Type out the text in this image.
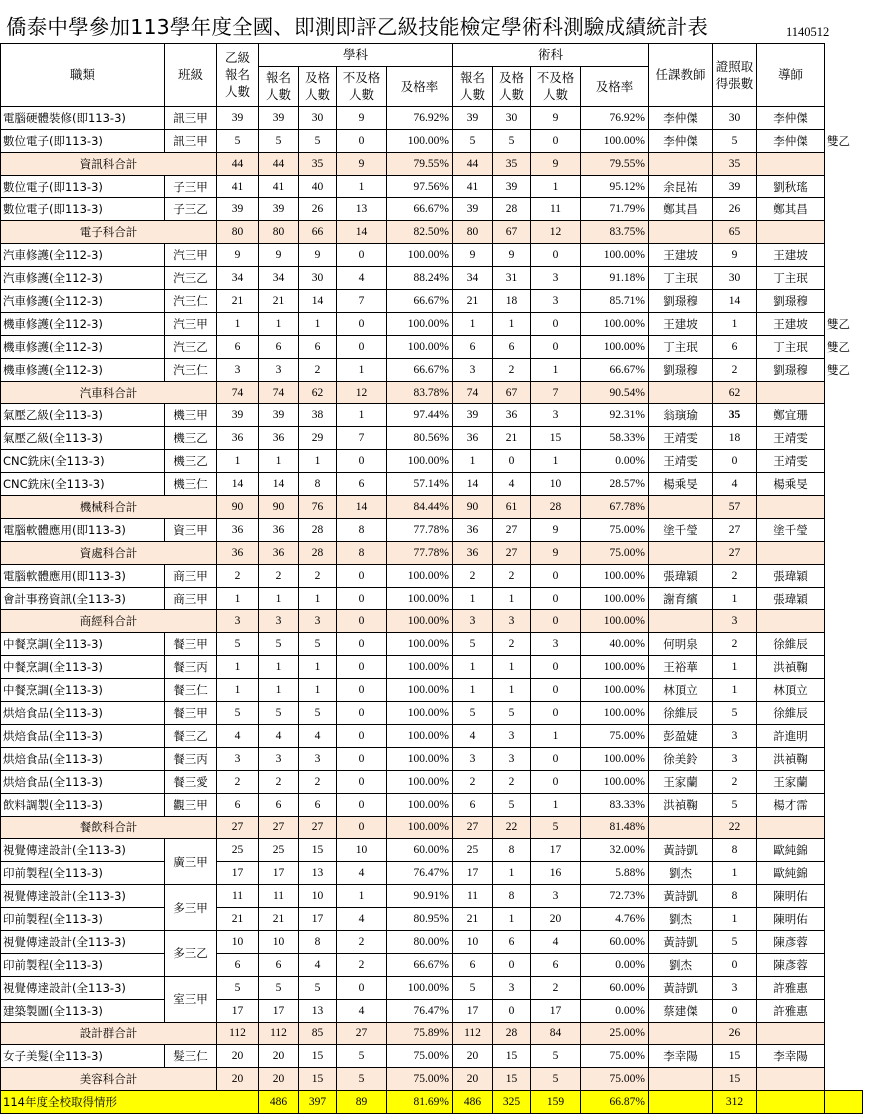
僑泰中學參加113學年度全國、即測即評乙級技能檢定學術科測驗成績統計表	1140512
職類	班級	乙級報名人數	學科				術科				任課教師	證照取得張數	導師	
			報名人數	及格人數	不及格人數	及格率	報名人數	及格人數	不及格人數	及格率				
電腦硬體裝修(即113-3)	訊三甲	39	39	30	9	76.92%	39	30	9	76.92%	李仲傑	30	李仲傑	
數位電子(即113-3)	訊三甲	5	5	5	0	100.00%	5	5	0	100.00%	李仲傑	5	李仲傑	雙乙
資訊科合計		44	44	35	9	79.55%	44	35	9	79.55%		35		
數位電子(即113-3)	子三甲	41	41	40	1	97.56%	41	39	1	95.12%	余昆祐	39	劉秋瑤	
數位電子(即113-3)	子三乙	39	39	26	13	66.67%	39	28	11	71.79%	鄭其昌	26	鄭其昌	
電子科合計		80	80	66	14	82.50%	80	67	12	83.75%		65		
汽車修護(全112-3)	汽三甲	9	9	9	0	100.00%	9	9	0	100.00%	王建坡	9	王建坡	
汽車修護(全112-3)	汽三乙	34	34	30	4	88.24%	34	31	3	91.18%	丁主珉	30	丁主珉	
汽車修護(全112-3)	汽三仁	21	21	14	7	66.67%	21	18	3	85.71%	劉璟穆	14	劉璟穆	
機車修護(全112-3)	汽三甲	1	1	1	0	100.00%	1	1	0	100.00%	王建坡	1	王建坡	雙乙
機車修護(全112-3)	汽三乙	6	6	6	0	100.00%	6	6	0	100.00%	丁主珉	6	丁主珉	雙乙
機車修護(全112-3)	汽三仁	3	3	2	1	66.67%	3	2	1	66.67%	劉璟穆	2	劉璟穆	雙乙
汽車科合計		74	74	62	12	83.78%	74	67	7	90.54%		62		
氣壓乙級(全113-3)	機三甲	39	39	38	1	97.44%	39	36	3	92.31%	翁璌瑜	35	鄭宜珊	
氣壓乙級(全113-3)	機三乙	36	36	29	7	80.56%	36	21	15	58.33%	王靖雯	18	王靖雯	
CNC銑床(全113-3)	機三乙	1	1	1	0	100.00%	1	0	1	0.00%	王靖雯	0	王靖雯	
CNC銑床(全113-3)	機三仁	14	14	8	6	57.14%	14	4	10	28.57%	楊乘旻	4	楊乘旻	
機械科合計		90	90	76	14	84.44%	90	61	28	67.78%		57		
電腦軟體應用(即113-3)	資三甲	36	36	28	8	77.78%	36	27	9	75.00%	塗千瑩	27	塗千瑩	
資處科合計		36	36	28	8	77.78%	36	27	9	75.00%		27		
電腦軟體應用(即113-3)	商三甲	2	2	2	0	100.00%	2	2	0	100.00%	張瑋穎	2	張瑋穎	
會計事務資訊(全113-3)	商三甲	1	1	1	0	100.00%	1	1	0	100.00%	謝育繽	1	張瑋穎	
商經科合計		3	3	3	0	100.00%	3	3	0	100.00%		3		
中餐烹調(全113-3)	餐三甲	5	5	5	0	100.00%	5	2	3	40.00%	何明泉	2	徐維辰	
中餐烹調(全113-3)	餐三丙	1	1	1	0	100.00%	1	1	0	100.00%	王裕華	1	洪禎鞠	
中餐烹調(全113-3)	餐三仁	1	1	1	0	100.00%	1	1	0	100.00%	林頂立	1	林頂立	
烘焙食品(全113-3)	餐三甲	5	5	5	0	100.00%	5	5	0	100.00%	徐維辰	5	徐維辰	
烘焙食品(全113-3)	餐三乙	4	4	4	0	100.00%	4	3	1	75.00%	彭盈婕	3	許進明	
烘焙食品(全113-3)	餐三丙	3	3	3	0	100.00%	3	3	0	100.00%	徐美鈴	3	洪禎鞠	
烘焙食品(全113-3)	餐三愛	2	2	2	0	100.00%	2	2	0	100.00%	王家蘭	2	王家蘭	
飲料調製(全113-3)	觀三甲	6	6	6	0	100.00%	6	5	1	83.33%	洪禎鞠	5	楊才霈	
餐飲科合計		27	27	27	0	100.00%	27	22	5	81.48%		22		
視覺傳達設計(全113-3)	廣三甲	25	25	15	10	60.00%	25	8	17	32.00%	黃詩凱	8	歐純錦	
印前製程(全113-3)		17	17	13	4	76.47%	17	1	16	5.88%	劉杰	1	歐純錦	
視覺傳達設計(全113-3)	多三甲	11	11	10	1	90.91%	11	8	3	72.73%	黃詩凱	8	陳明佑	
印前製程(全113-3)		21	21	17	4	80.95%	21	1	20	4.76%	劉杰	1	陳明佑	
視覺傳達設計(全113-3)	多三乙	10	10	8	2	80.00%	10	6	4	60.00%	黃詩凱	5	陳彥蓉	
印前製程(全113-3)		6	6	4	2	66.67%	6	0	6	0.00%	劉杰	0	陳彥蓉	
視覺傳達設計(全113-3)	室三甲	5	5	5	0	100.00%	5	3	2	60.00%	黃詩凱	3	許雅惠	
建築製圖(全113-3)		17	17	13	4	76.47%	17	0	17	0.00%	蔡建傑	0	許雅惠	
設計群合計		112	112	85	27	75.89%	112	28	84	25.00%		26		
女子美髮(全113-3)	髮三仁	20	20	15	5	75.00%	20	15	5	75.00%	李幸陽	15	李幸陽	
美容科合計		20	20	15	5	75.00%	20	15	5	75.00%		15		
114年度全校取得情形			486	397	89	81.69%	486	325	159	66.87%		312		
